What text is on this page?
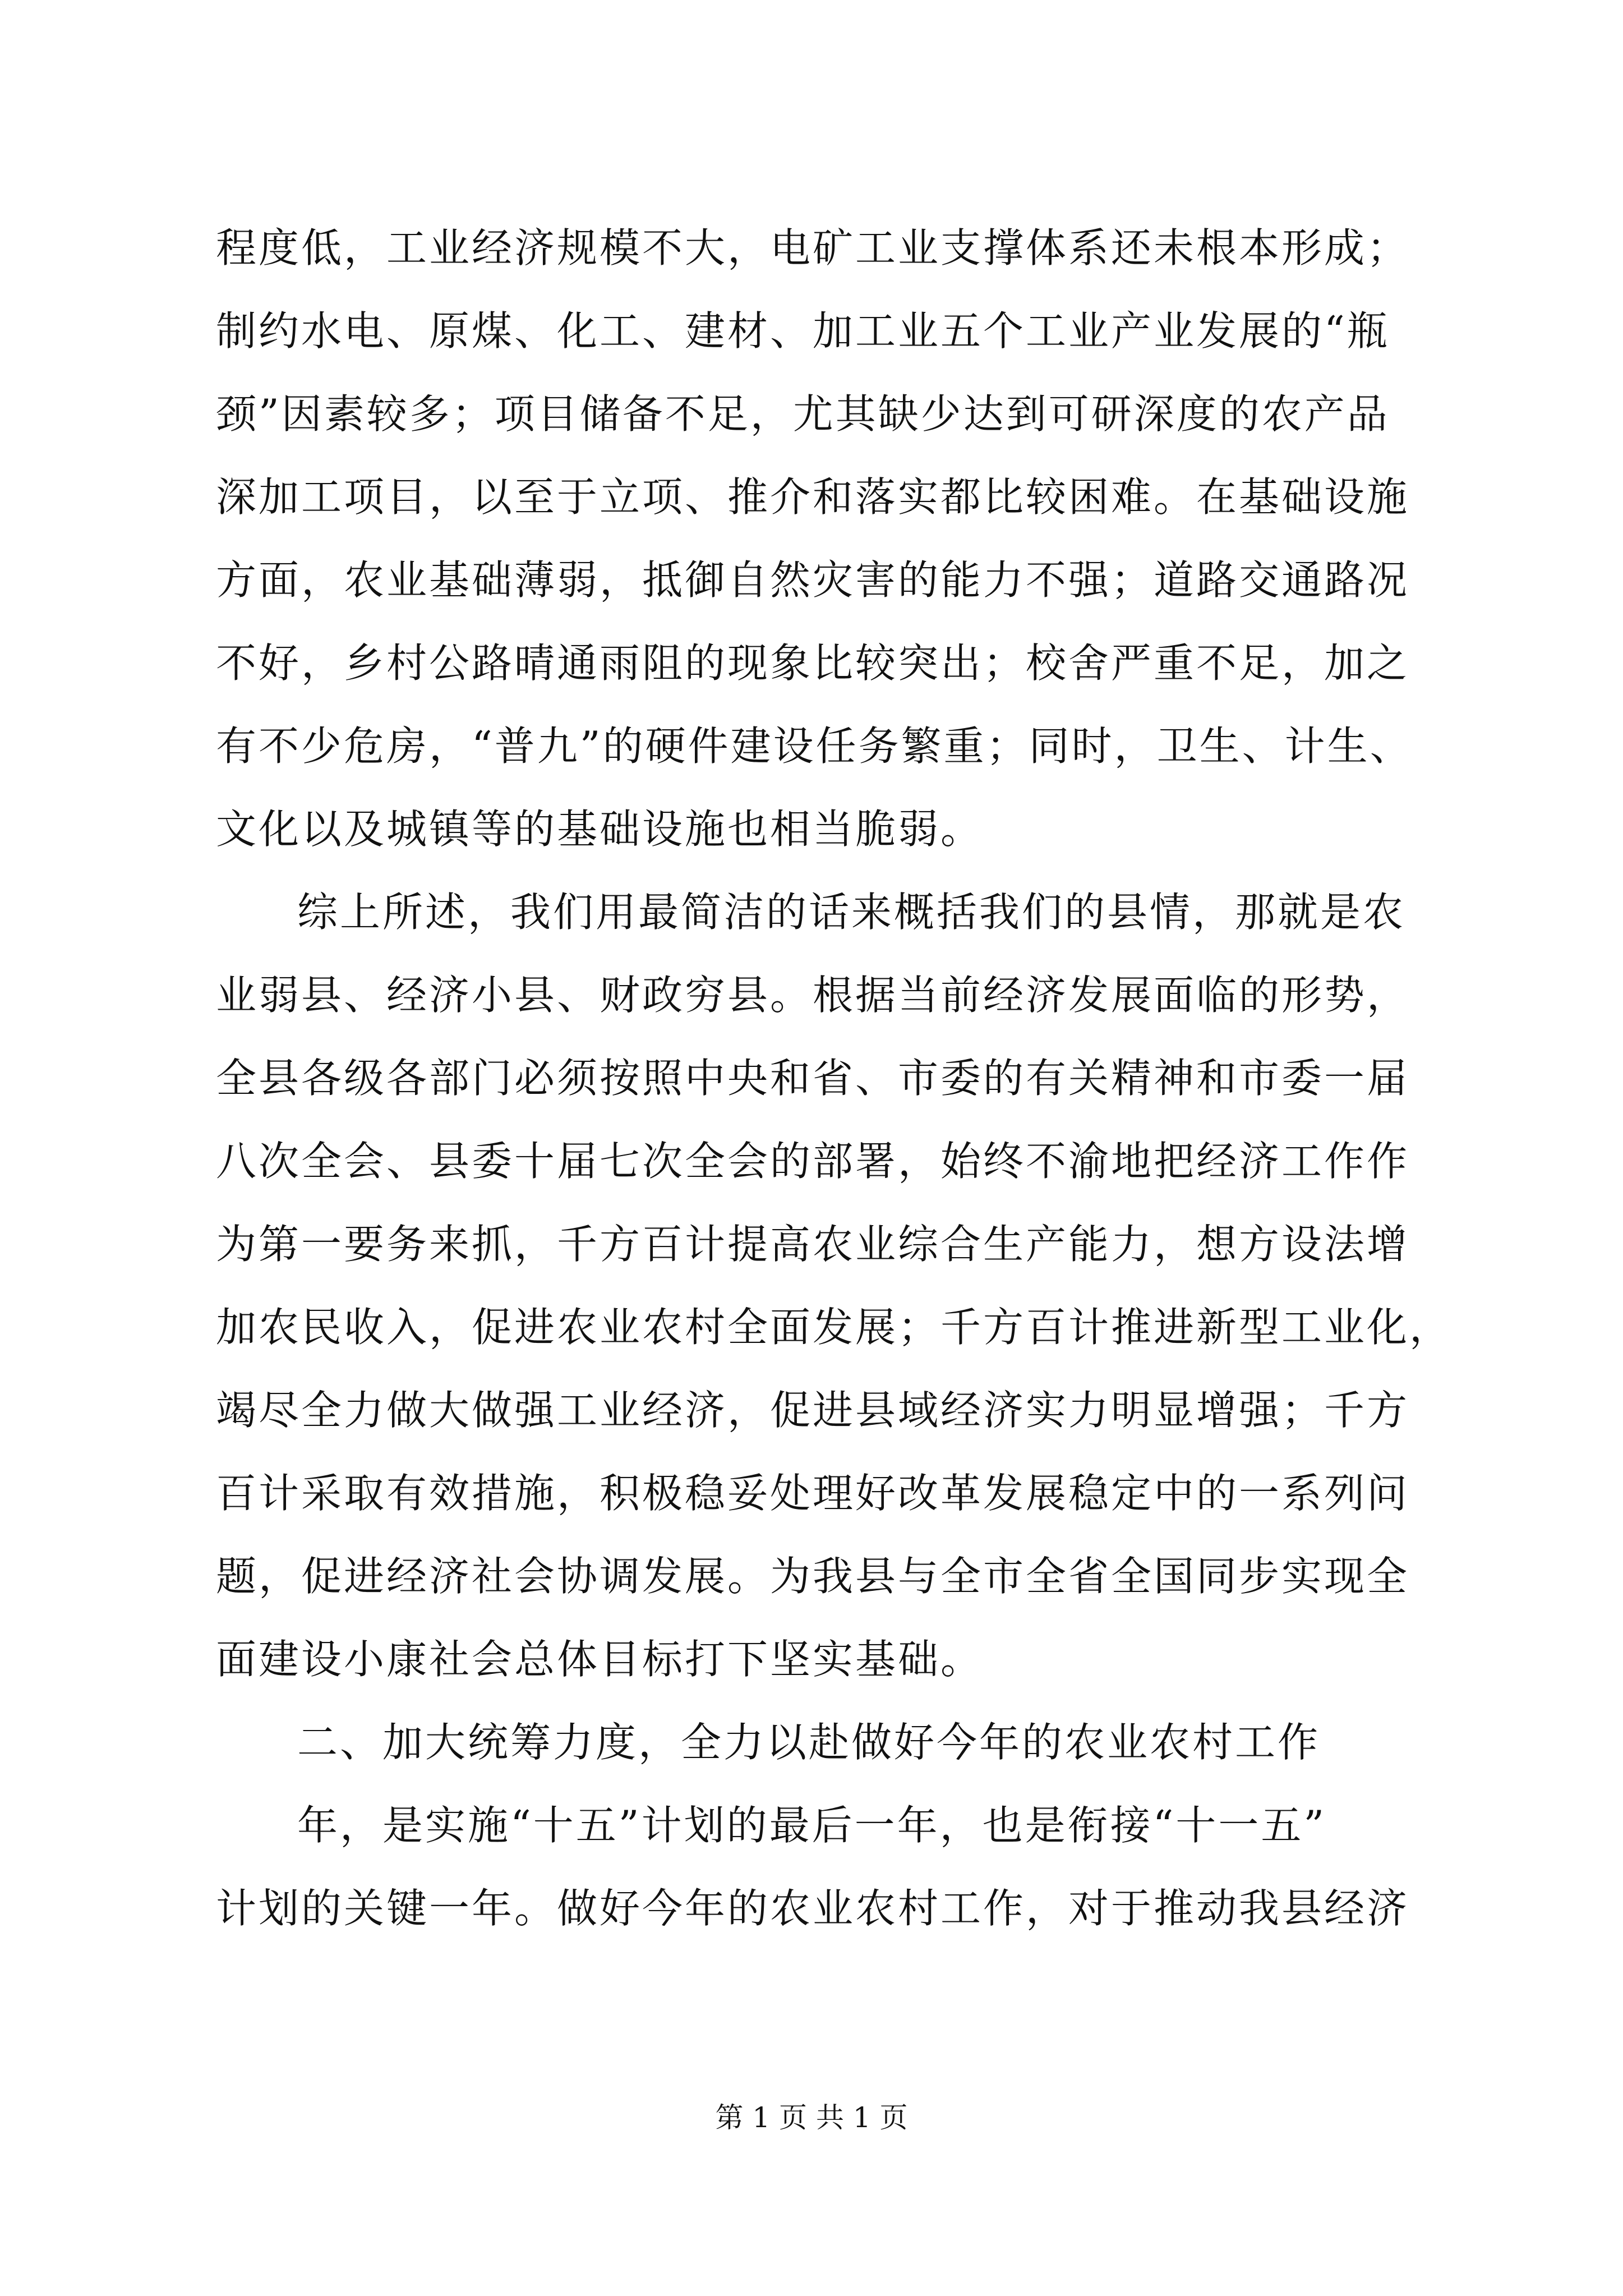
程度低，工业经济规模不大，电矿工业支撑体系还未根本形成；
制约水电、原煤、化工、建材、加工业五个工业产业发展的“瓶
颈”因素较多；项目储备不足，尤其缺少达到可研深度的农产品
深加工项目，以至于立项、推介和落实都比较困难。在基础设施
方面，农业基础薄弱，抵御自然灾害的能力不强；道路交通路况
不好，乡村公路晴通雨阻的现象比较突出；校舍严重不足，加之
有不少危房，“普九”的硬件建设任务繁重；同时，卫生、计生、
文化以及城镇等的基础设施也相当脆弱。
综上所述，我们用最简洁的话来概括我们的县情，那就是农
业弱县、经济小县、财政穷县。根据当前经济发展面临的形势，
全县各级各部门必须按照中央和省、市委的有关精神和市委一届
八次全会、县委十届七次全会的部署，始终不渝地把经济工作作
为第一要务来抓，千方百计提高农业综合生产能力，想方设法增
加农民收入，促进农业农村全面发展；千方百计推进新型工业化，
竭尽全力做大做强工业经济，促进县域经济实力明显增强；千方
百计采取有效措施，积极稳妥处理好改革发展稳定中的一系列问
题，促进经济社会协调发展。为我县与全市全省全国同步实现全
面建设小康社会总体目标打下坚实基础。
二、加大统筹力度，全力以赴做好今年的农业农村工作
年，是实施“十五”计划的最后一年，也是衔接“十一五”
计划的关键一年。做好今年的农业农村工作，对于推动我县经济
第 1 页 共 1 页
